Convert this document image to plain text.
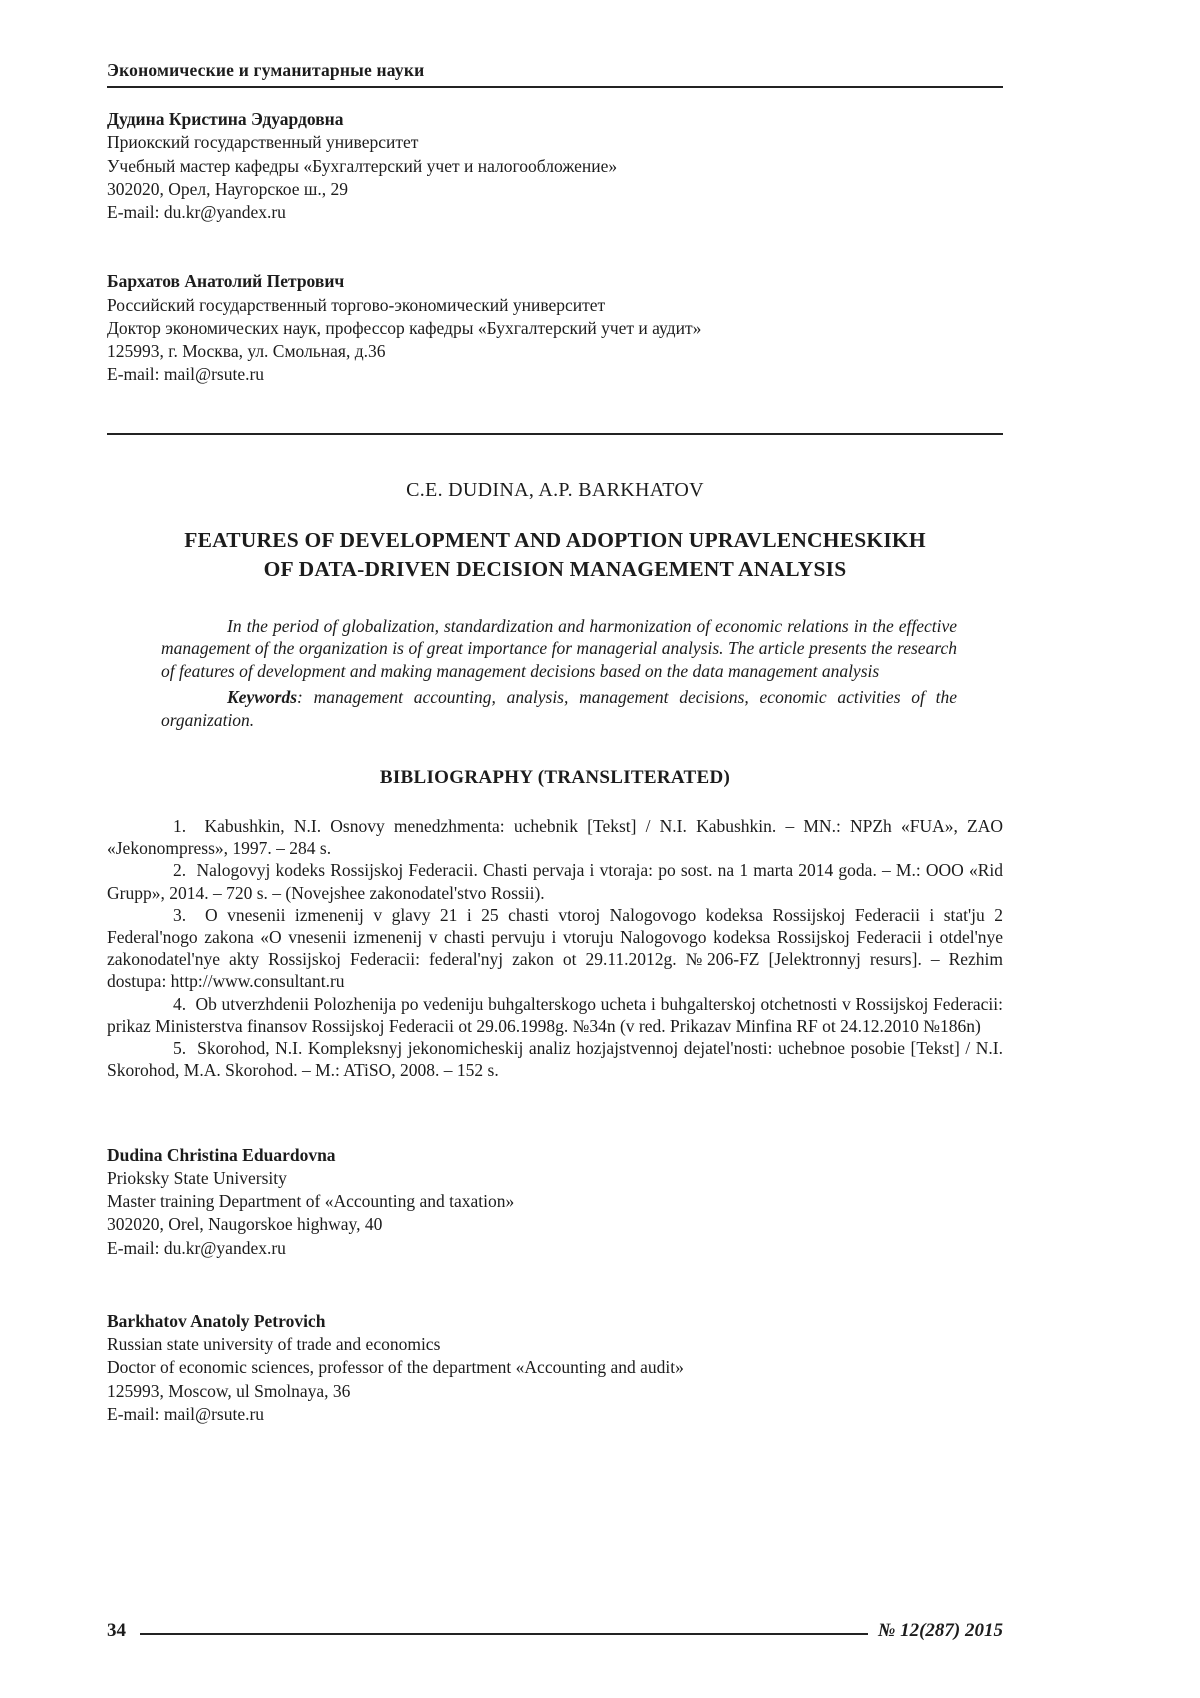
Экономические и гуманитарные науки
Дудина Кристина Эдуардовна
Приокский государственный университет
Учебный мастер кафедры «Бухгалтерский учет и налогообложение»
302020, Орел, Наугорское ш., 29
E-mail: du.kr@yandex.ru
Бархатов Анатолий Петрович
Российский государственный торгово-экономический университет
Доктор экономических наук, профессор кафедры «Бухгалтерский учет и аудит»
125993, г. Москва, ул. Смольная, д.36
E-mail: mail@rsute.ru
C.E. DUDINA, A.P. BARKHATOV
FEATURES OF DEVELOPMENT AND ADOPTION UPRAVLENCHESKIKH
OF DATA-DRIVEN DECISION MANAGEMENT ANALYSIS

In the period of globalization, standardization and harmonization of economic relations in the effective management of the organization is of great importance for managerial analysis. The article presents the research of features of development and making management decisions based on the data management analysis

Keywords: management accounting, analysis, management decisions, economic activities of the organization.

BIBLIOGRAPHY (TRANSLITERATED)

1.  Kabushkin, N.I. Osnovy menedzhmenta: uchebnik [Tekst] / N.I. Kabushkin. – MN.: NPZh «FUA», ZAO «Jekonompress», 1997. – 284 s.

2.  Nalogovyj kodeks Rossijskoj Federacii. Chasti pervaja i vtoraja: po sost. na 1 marta 2014 goda. – M.: OOO «Rid Grupp», 2014. – 720 s. – (Novejshee zakonodatel'stvo Rossii).

3.  O vnesenii izmenenij v glavy 21 i 25 chasti vtoroj Nalogovogo kodeksa Rossijskoj Federacii i stat'ju 2 Federal'nogo zakona «O vnesenii izmenenij v chasti pervuju i vtoruju Nalogovogo kodeksa Rossijskoj Federacii i otdel'nye zakonodatel'nye akty Rossijskoj Federacii: federal'nyj zakon ot 29.11.2012g. №206-FZ [Jelektronnyj resurs]. – Rezhim dostupa: http://www.consultant.ru

4.  Ob utverzhdenii Polozhenija po vedeniju buhgalterskogo ucheta i buhgalterskoj otchetnosti v Rossijskoj Federacii: prikaz Ministerstva finansov Rossijskoj Federacii ot 29.06.1998g. №34n (v red. Prikazav Minfina RF ot 24.12.2010 №186n)

5.  Skorohod, N.I. Kompleksnyj jekonomicheskij analiz hozjajstvennoj dejatel'nosti: uchebnoe posobie [Tekst] / N.I. Skorohod, M.A. Skorohod. – M.: ATiSO, 2008. – 152 s.

Dudina Christina Eduardovna
Prioksky State University
Master training Department of «Accounting and taxation»
302020, Orel, Naugorskoe highway, 40
E-mail: du.kr@yandex.ru
Barkhatov Anatoly Petrovich
Russian state university of trade and economics
Doctor of economic sciences, professor of the department «Accounting and audit»
125993, Moscow, ul Smolnaya, 36
E-mail: mail@rsute.ru
34	№ 12(287) 2015
